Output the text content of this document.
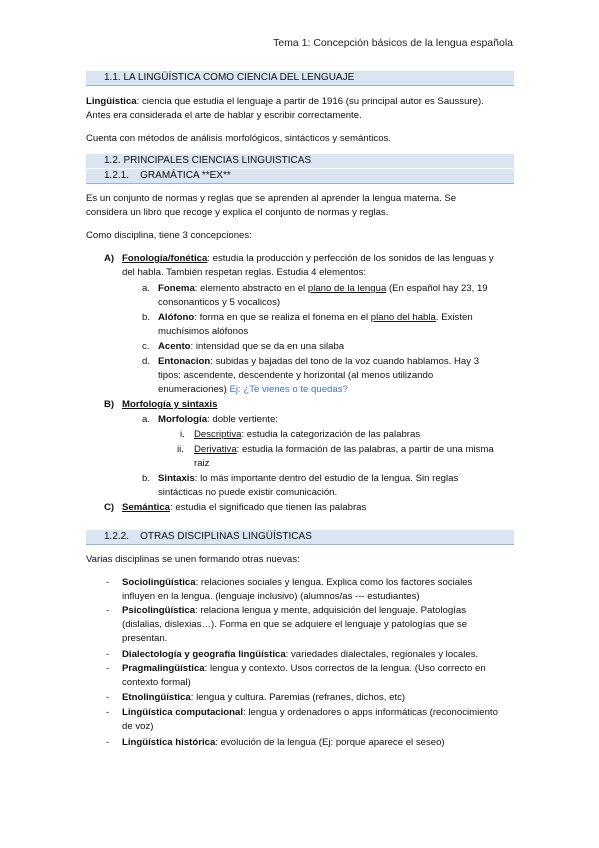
Tema 1: Concepción básicos de la lengua española
1.1. LA LINGÜÍSTICA COMO CIENCIA DEL LENGUAJE
Lingüística: ciencia que estudia el lenguaje a partir de 1916 (su principal autor es Saussure).
Antes era considerada el arte de hablar y escribir correctamente.
Cuenta con métodos de análisis morfológicos, sintácticos y semánticos.
1.2. PRINCIPALES CIENCIAS LINGUISTICAS
1.2.1. GRAMÁTICA **EX**
Es un conjunto de normas y reglas que se aprenden al aprender la lengua materna. Se
considera un libro que recoge y explica el conjunto de normas y reglas.
Como disciplina, tiene 3 concepciones:
A) Fonología/fonética: estudia la producción y perfección de los sonidos de las lenguas y
del habla. También respetan reglas. Estudia 4 elementos:
a. Fonema: elemento abstracto en el plano de la lengua (En español hay 23, 19
consonanticos y 5 vocalicos)
b. Alófono: forma en que se realiza el fonema en el plano del habla. Existen
muchísimos alófonos
c. Acento: intensidad que se da en una silaba
d. Entonacion: subidas y bajadas del tono de la voz cuando hablamos. Hay 3
tipos: ascendente, descendente y horizontal (al menos utilizando
enumeraciones) Ej: ¿Te vienes o te quedas?
B) Morfología y sintaxis
a. Morfología: doble vertiente:
i. Descriptiva: estudia la categorización de las palabras
ii. Derivativa: estudia la formación de las palabras, a partir de una misma
raiz
b. Sintaxis: lo más importante dentro del estudio de la lengua. Sin reglas
sintácticas no puede existir comunicación.
C) Semántica: estudia el significado que tienen las palabras
1.2.2. OTRAS DISCIPLINAS LINGÜÍSTICAS
Varias disciplinas se unen formando otras nuevas:
- Sociolingüística: relaciones sociales y lengua. Explica como los factores sociales
influyen en la lengua. (lenguaje inclusivo) (alumnos/as --- estudiantes)
- Psicolingüística: relaciona lengua y mente, adquisición del lenguaje. Patologías
(dislalias, dislexias…). Forma en que se adquiere el lenguaje y patologías que se
presentan.
- Dialectología y geografía lingüística: variedades dialectales, regionales y locales.
- Pragmalingüística: lengua y contexto. Usos correctos de la lengua. (Uso correcto en
contexto formal)
- Etnolingüística: lengua y cultura. Paremias (refranes, dichos, etc)
- Lingüística computacional: lengua y ordenadores o apps informáticas (reconocimiento
de voz)
- Lingüística histórica: evolución de la lengua (Ej: porque aparece el seseo)
